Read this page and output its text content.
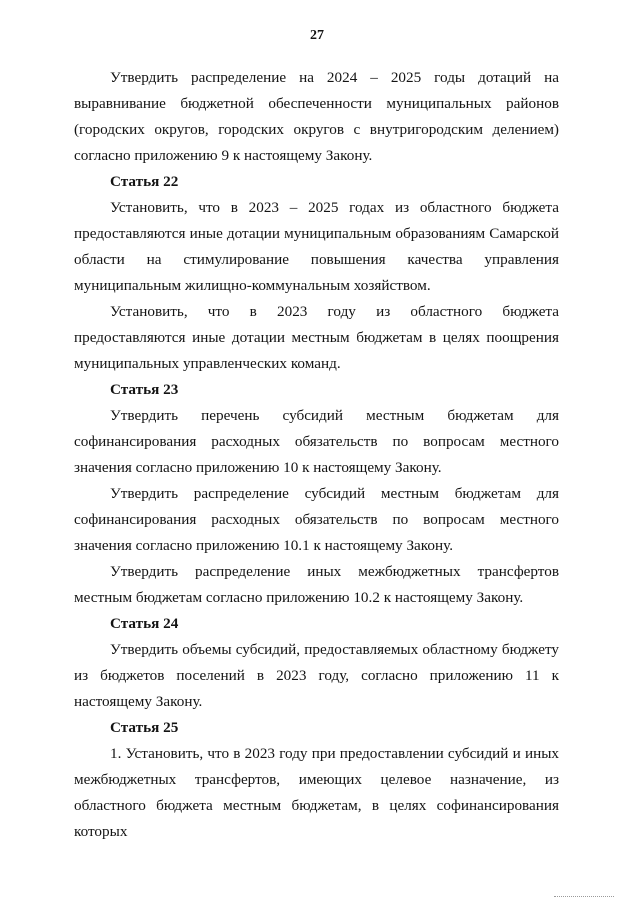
27

Утвердить распределение на 2024 – 2025 годы дотаций на выравнивание бюджетной обеспеченности муниципальных районов (городских округов, городских округов с внутригородским делением) согласно приложению 9 к настоящему Закону.

Статья 22

Установить, что в 2023 – 2025 годах из областного бюджета предоставляются иные дотации муниципальным образованиям Самарской области на стимулирование повышения качества управления муниципальным жилищно-коммунальным хозяйством.

Установить, что в 2023 году из областного бюджета предоставляются иные дотации местным бюджетам в целях поощрения муниципальных управленческих команд.

Статья 23

Утвердить перечень субсидий местным бюджетам для софинансирования расходных обязательств по вопросам местного значения согласно приложению 10 к настоящему Закону.

Утвердить распределение субсидий местным бюджетам для софинансирования расходных обязательств по вопросам местного значения согласно приложению 10.1 к настоящему Закону.

Утвердить распределение иных межбюджетных трансфертов местным бюджетам согласно приложению 10.2 к настоящему Закону.

Статья 24

Утвердить объемы субсидий, предоставляемых областному бюджету из бюджетов поселений в 2023 году, согласно приложению 11 к настоящему Закону.

Статья 25

1. Установить, что в 2023 году при предоставлении субсидий и иных межбюджетных трансфертов, имеющих целевое назначение, из областного бюджета местным бюджетам, в целях софинансирования которых
